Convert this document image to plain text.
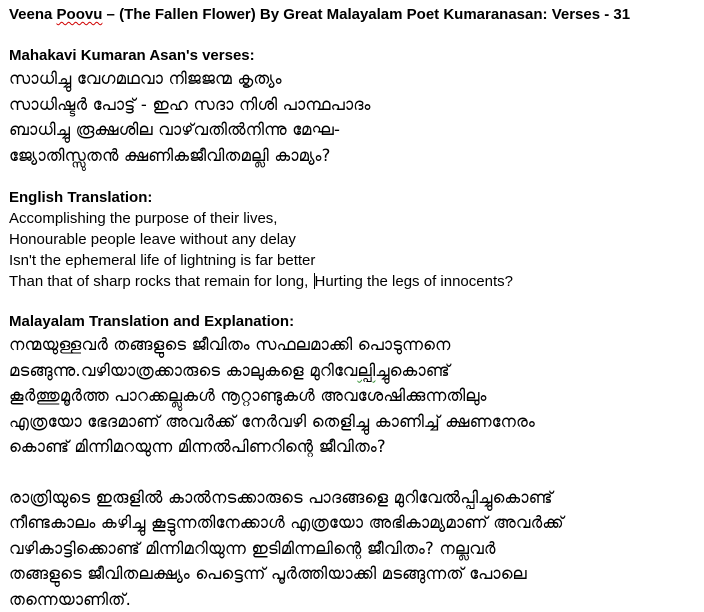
Veena Poovu – (The Fallen Flower) By Great Malayalam Poet Kumaranasan: Verses - 31
Mahakavi Kumaran Asan's verses:
സാധിച്ചു വേഗമഥവാ നിജജന്മ കൃത്യം
സാധിഷ്ടർ പോട്ട് - ഇഹ സദാ നിശി പാന്ഥപാദം
ബാധിച്ചു രൂക്ഷശില വാഴ്‌വതിൽനിന്നു മേഘ-
ജ്യോതിസ്സുതൻ ക്ഷണികജീവിതമല്ലി കാമ്യം?
English Translation:
Accomplishing the purpose of their lives,
Honourable people leave without any delay
Isn't the ephemeral life of lightning is far better
Than that of sharp rocks that remain for long, Hurting the legs of innocents?
Malayalam Translation and Explanation:
നന്മയുള്ളവർ തങ്ങളുടെ ജീവിതം സഫലമാക്കി പൊടുന്നനെ
മടങ്ങുന്നു.വഴിയാത്രക്കാരുടെ കാലുകളെ മുറിവേല്പിച്ചുകൊണ്ട്
കൂർത്തുമൂർത്ത പാറക്കല്ലുകൾ നൂറ്റാണ്ടുകൾ അവശേഷിക്കുന്നതിലും
എത്രയോ ഭേദമാണ് അവർക്ക് നേർവഴി തെളിച്ചു കാണിച്ച് ക്ഷണനേരം
കൊണ്ട് മിന്നിമറയുന്ന മിന്നൽപിണറിന്റെ ജീവിതം?
രാത്രിയുടെ ഇരുളിൽ കാൽനടക്കാരുടെ പാദങ്ങളെ മുറിവേൽപ്പിച്ചുകൊണ്ട്
നീണ്ടകാലം കഴിച്ചു കൂട്ടുന്നതിനേക്കാൾ എത്രയോ അഭികാമ്യമാണ് അവർക്ക്
വഴികാട്ടിക്കൊണ്ട് മിന്നിമറിയുന്ന ഇടിമിന്നലിന്റെ ജീവിതം? നല്ലവർ
തങ്ങളുടെ ജീവിതലക്ഷ്യം പെട്ടെന്ന് പൂർത്തിയാക്കി മടങ്ങുന്നത് പോലെ
തന്നെയാണിത്.
